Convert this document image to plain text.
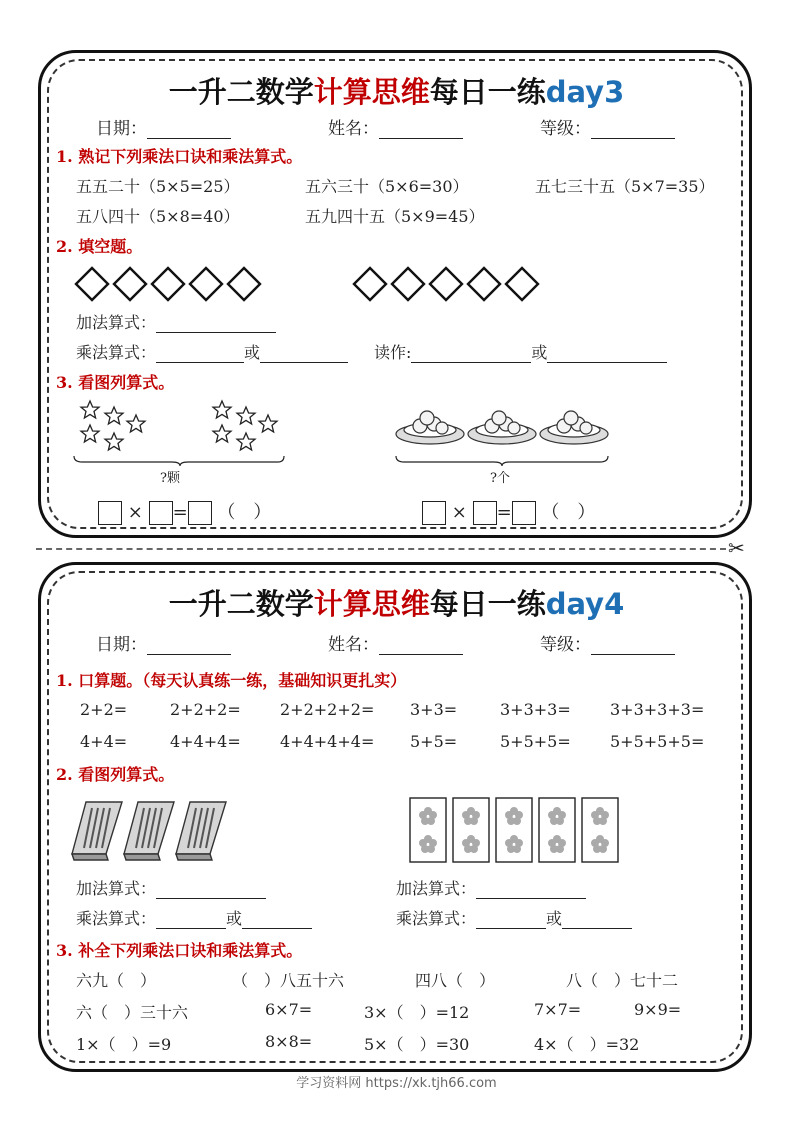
一升二数学计算思维每日一练day3
日期：	姓名：	等级：
1. 熟记下列乘法口诀和乘法算式。
五五二十（5×5=25）	五六三十（5×6=30）	五七三十五（5×7=35）
五八四十（5×8=40）	五九四十五（5×9=45）
2. 填空题。
加法算式：
乘法算式：	或	读作:	或
3. 看图列算式。
?颗	?个
× = （　）	× = （　）
✂
一升二数学计算思维每日一练day4
日期：	姓名：	等级：
1. 口算题。（每天认真练一练，基础知识更扎实）
2+2=	2+2+2= 2+2+2+2= 3+3=	3+3+3= 3+3+3+3=
4+4=	4+4+4= 4+4+4+4= 5+5=	5+5+5= 5+5+5+5=
2. 看图列算式。
加法算式：	加法算式：
乘法算式：	或	乘法算式：	或
3. 补全下列乘法口诀和乘法算式。
六九（　）	（　）八五十六	四八（　）	八（　）七十二
六（　）三十六	6×7=	3×（　）=12	7×7=	9×9=
1×（　）=9	8×8=	5×（　）=30	4×（　）=32
学习资料网 https://xk.tjh66.com
